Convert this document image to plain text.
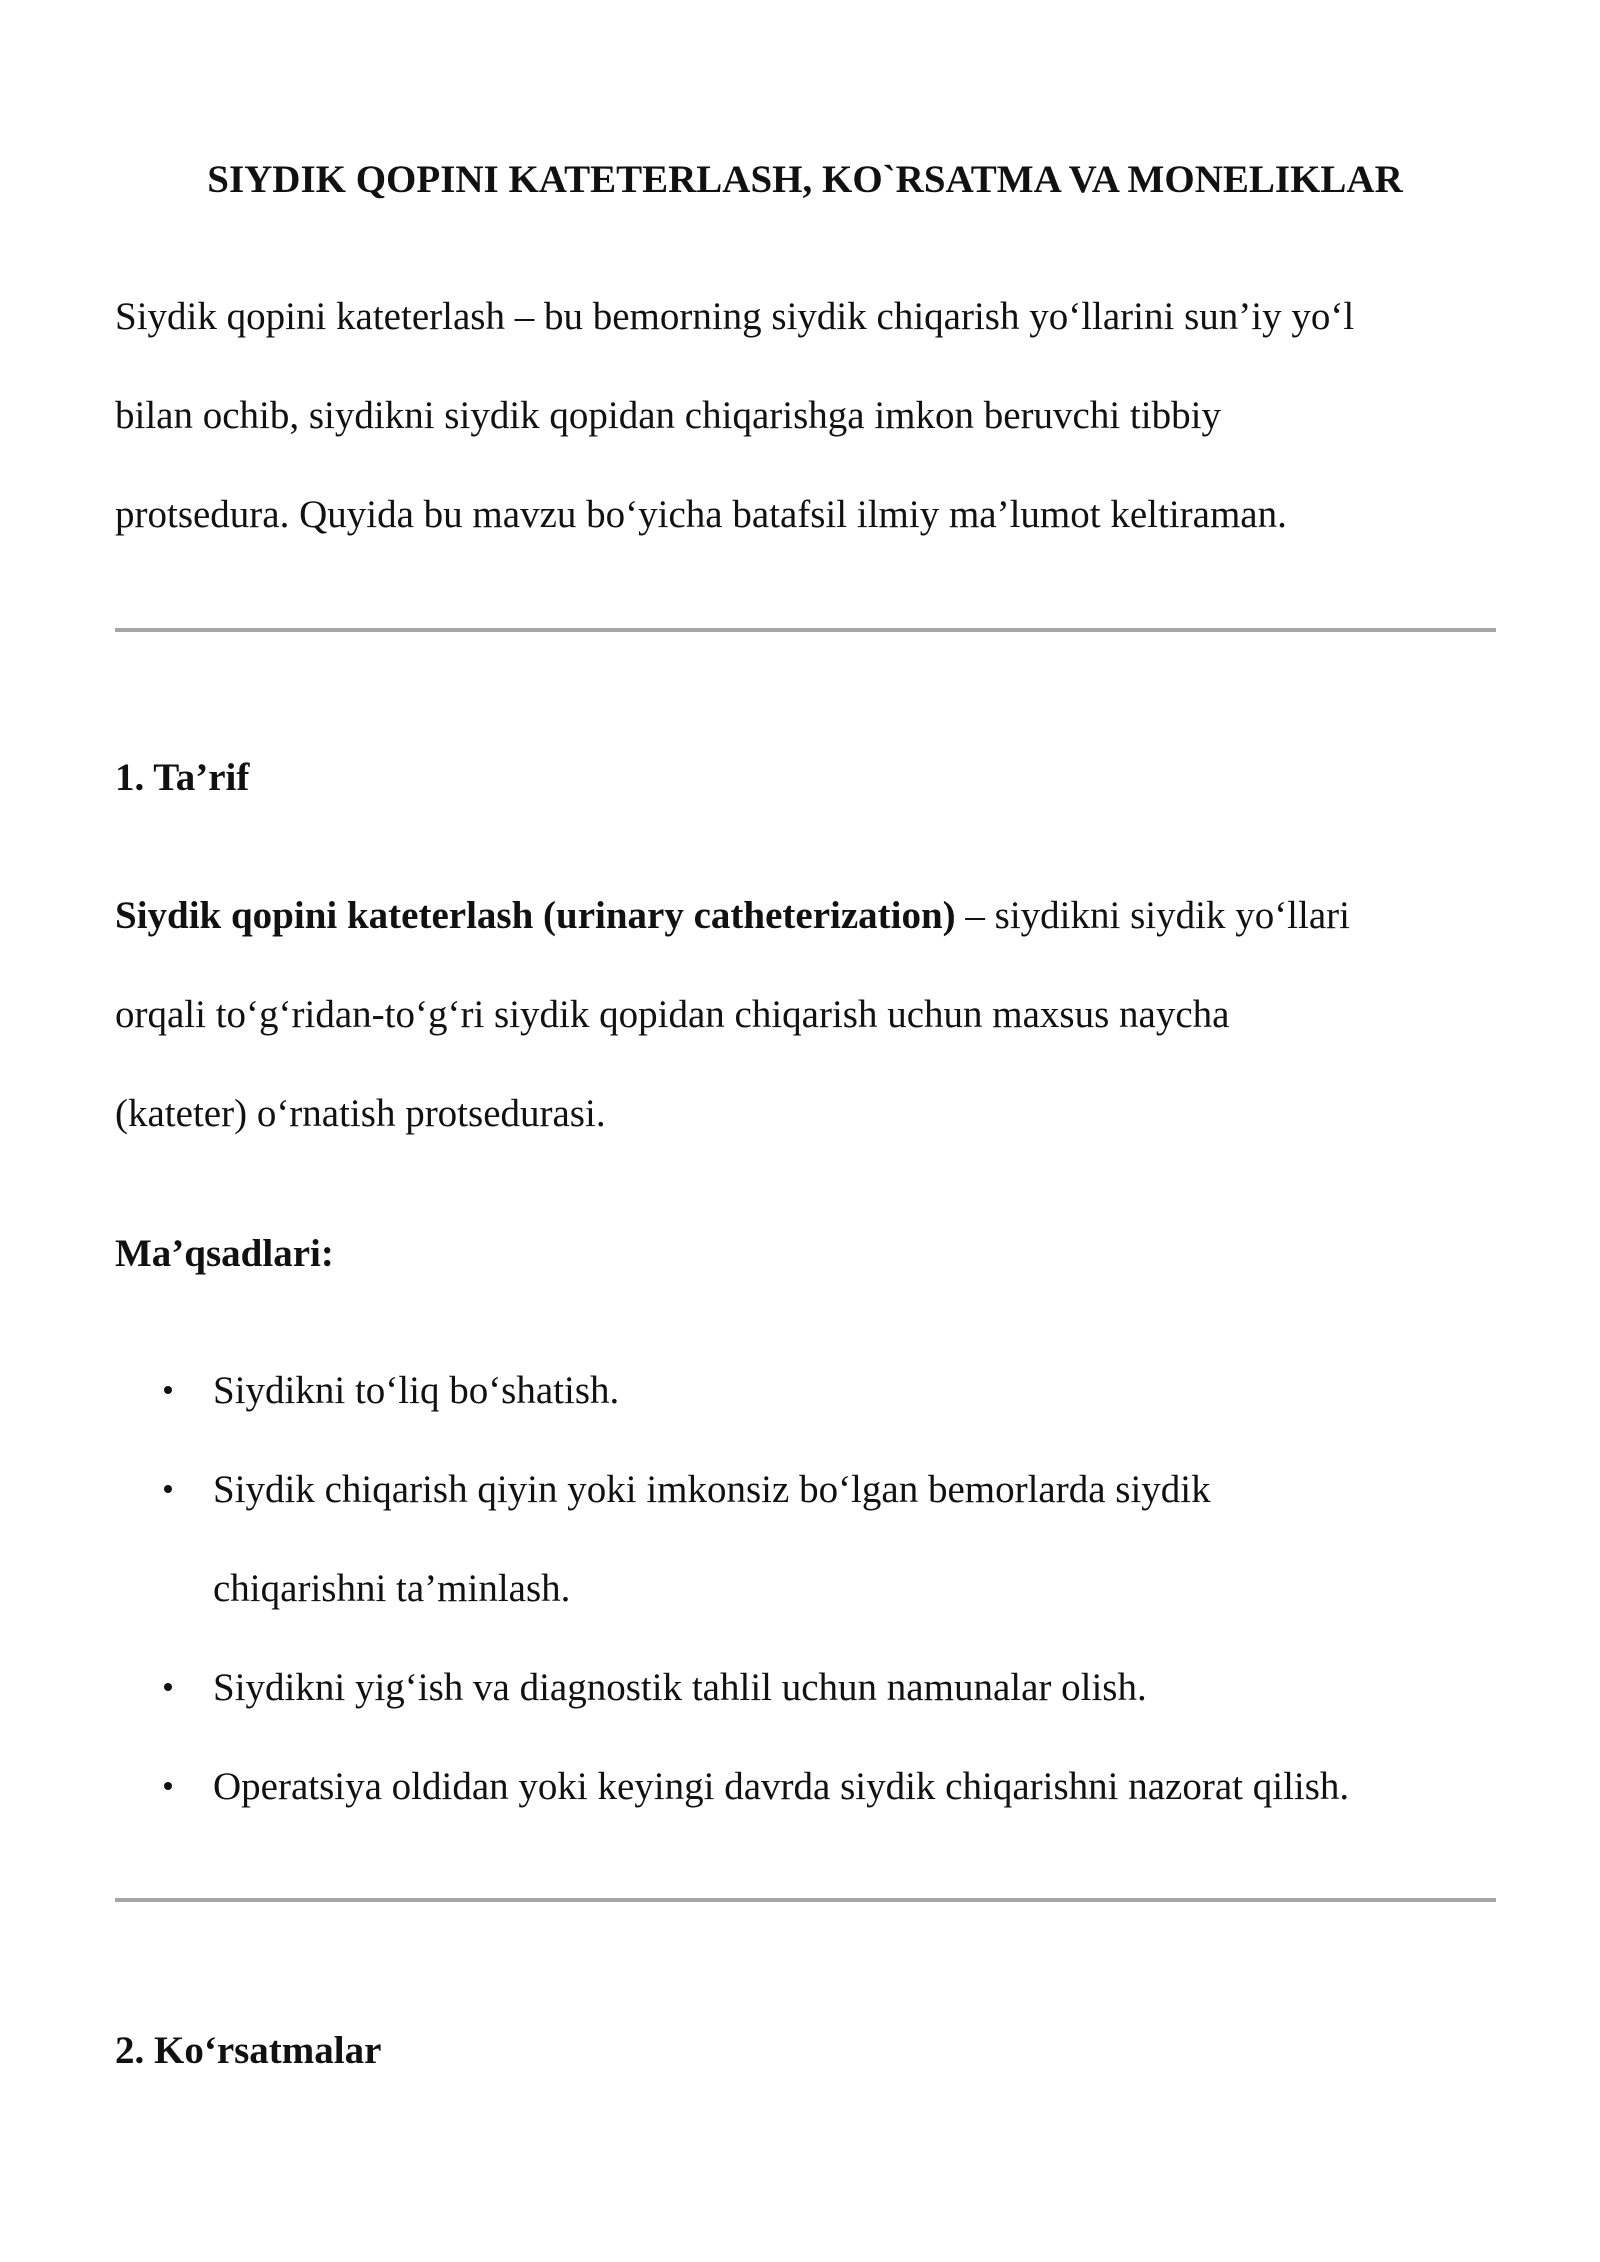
SIYDIK QOPINI KATETERLASH, KO`RSATMA VA MONELIKLAR
Siydik qopini kateterlash – bu bemorning siydik chiqarish yo‘llarini sun’iy yo‘l
bilan ochib, siydikni siydik qopidan chiqarishga imkon beruvchi tibbiy
protsedura. Quyida bu mavzu bo‘yicha batafsil ilmiy ma’lumot keltiraman.
1. Ta’rif
Siydik qopini kateterlash (urinary catheterization) – siydikni siydik yo‘llari
orqali to‘g‘ridan-to‘g‘ri siydik qopidan chiqarish uchun maxsus naycha
(kateter) o‘rnatish protsedurasi.
Ma’qsadlari:
Siydikni to‘liq bo‘shatish.
Siydik chiqarish qiyin yoki imkonsiz bo‘lgan bemorlarda siydik
chiqarishni ta’minlash.
Siydikni yig‘ish va diagnostik tahlil uchun namunalar olish.
Operatsiya oldidan yoki keyingi davrda siydik chiqarishni nazorat qilish.
2. Ko‘rsatmalar
